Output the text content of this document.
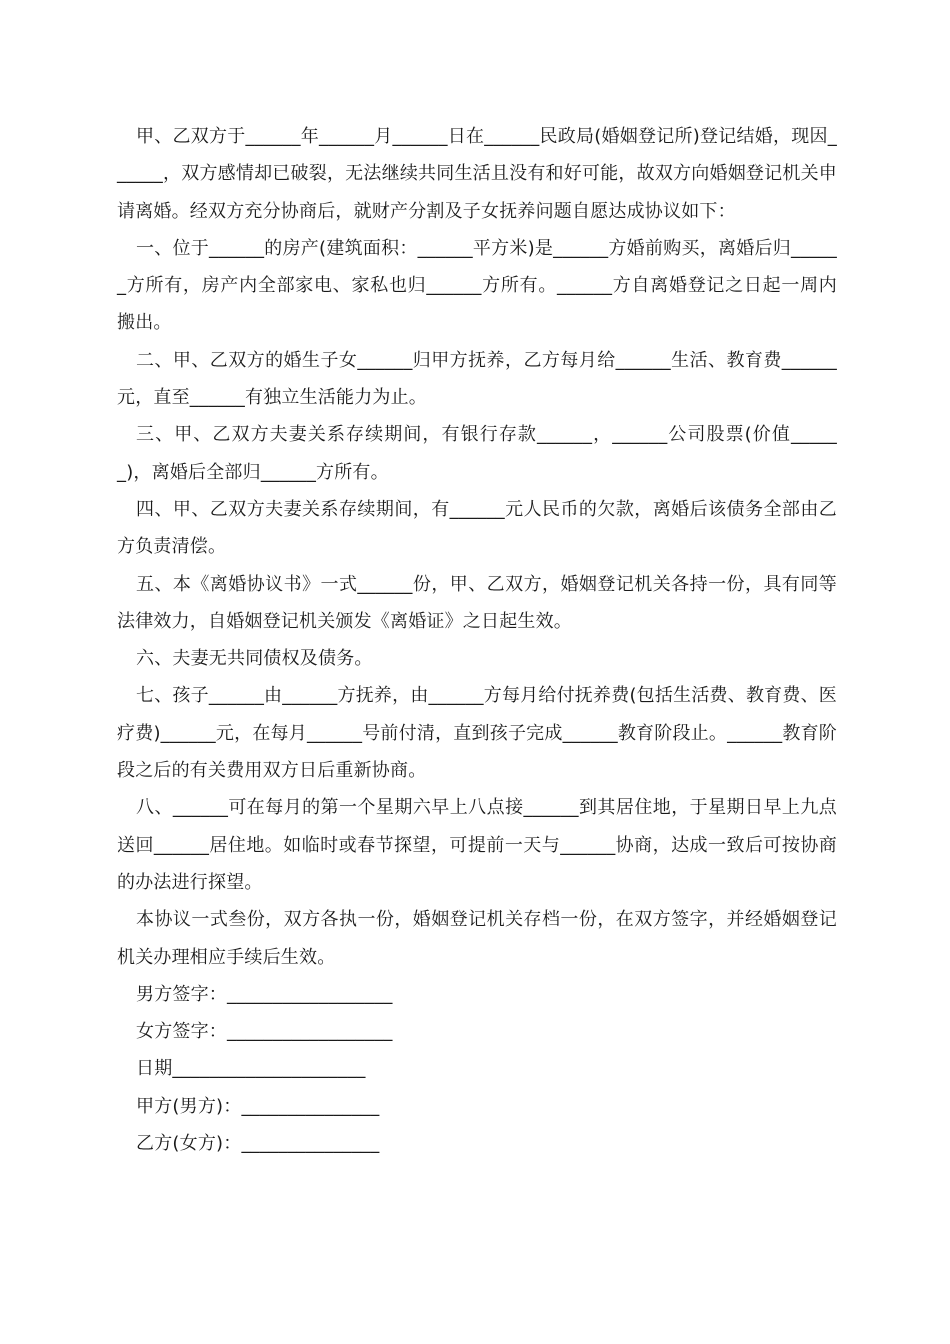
甲、乙双方于______年______月______日在______民政局(婚姻登记所)登记结婚，现因______，双方感情却已破裂，无法继续共同生活且没有和好可能，故双方向婚姻登记机关申请离婚。经双方充分协商后，就财产分割及子女抚养问题自愿达成协议如下：

一、位于______的房产(建筑面积：______平方米)是______方婚前购买，离婚后归______方所有，房产内全部家电、家私也归______方所有。______方自离婚登记之日起一周内搬出。

二、甲、乙双方的婚生子女______归甲方抚养，乙方每月给______生活、教育费______元，直至______有独立生活能力为止。

三、甲、乙双方夫妻关系存续期间，有银行存款______，______公司股票(价值______)，离婚后全部归______方所有。

四、甲、乙双方夫妻关系存续期间，有______元人民币的欠款，离婚后该债务全部由乙方负责清偿。

五、本《离婚协议书》一式______份，甲、乙双方，婚姻登记机关各持一份，具有同等法律效力，自婚姻登记机关颁发《离婚证》之日起生效。

六、夫妻无共同债权及债务。

七、孩子______由______方抚养，由______方每月给付抚养费(包括生活费、教育费、医疗费)______元，在每月______号前付清，直到孩子完成______教育阶段止。______教育阶段之后的有关费用双方日后重新协商。

八、______可在每月的第一个星期六早上八点接______到其居住地，于星期日早上九点送回______居住地。如临时或春节探望，可提前一天与______协商，达成一致后可按协商的办法进行探望。

本协议一式叁份，双方各执一份，婚姻登记机关存档一份，在双方签字，并经婚姻登记机关办理相应手续后生效。

男方签字：__________________

女方签字：__________________

日期_____________________

甲方(男方)：_______________

乙方(女方)：_______________
